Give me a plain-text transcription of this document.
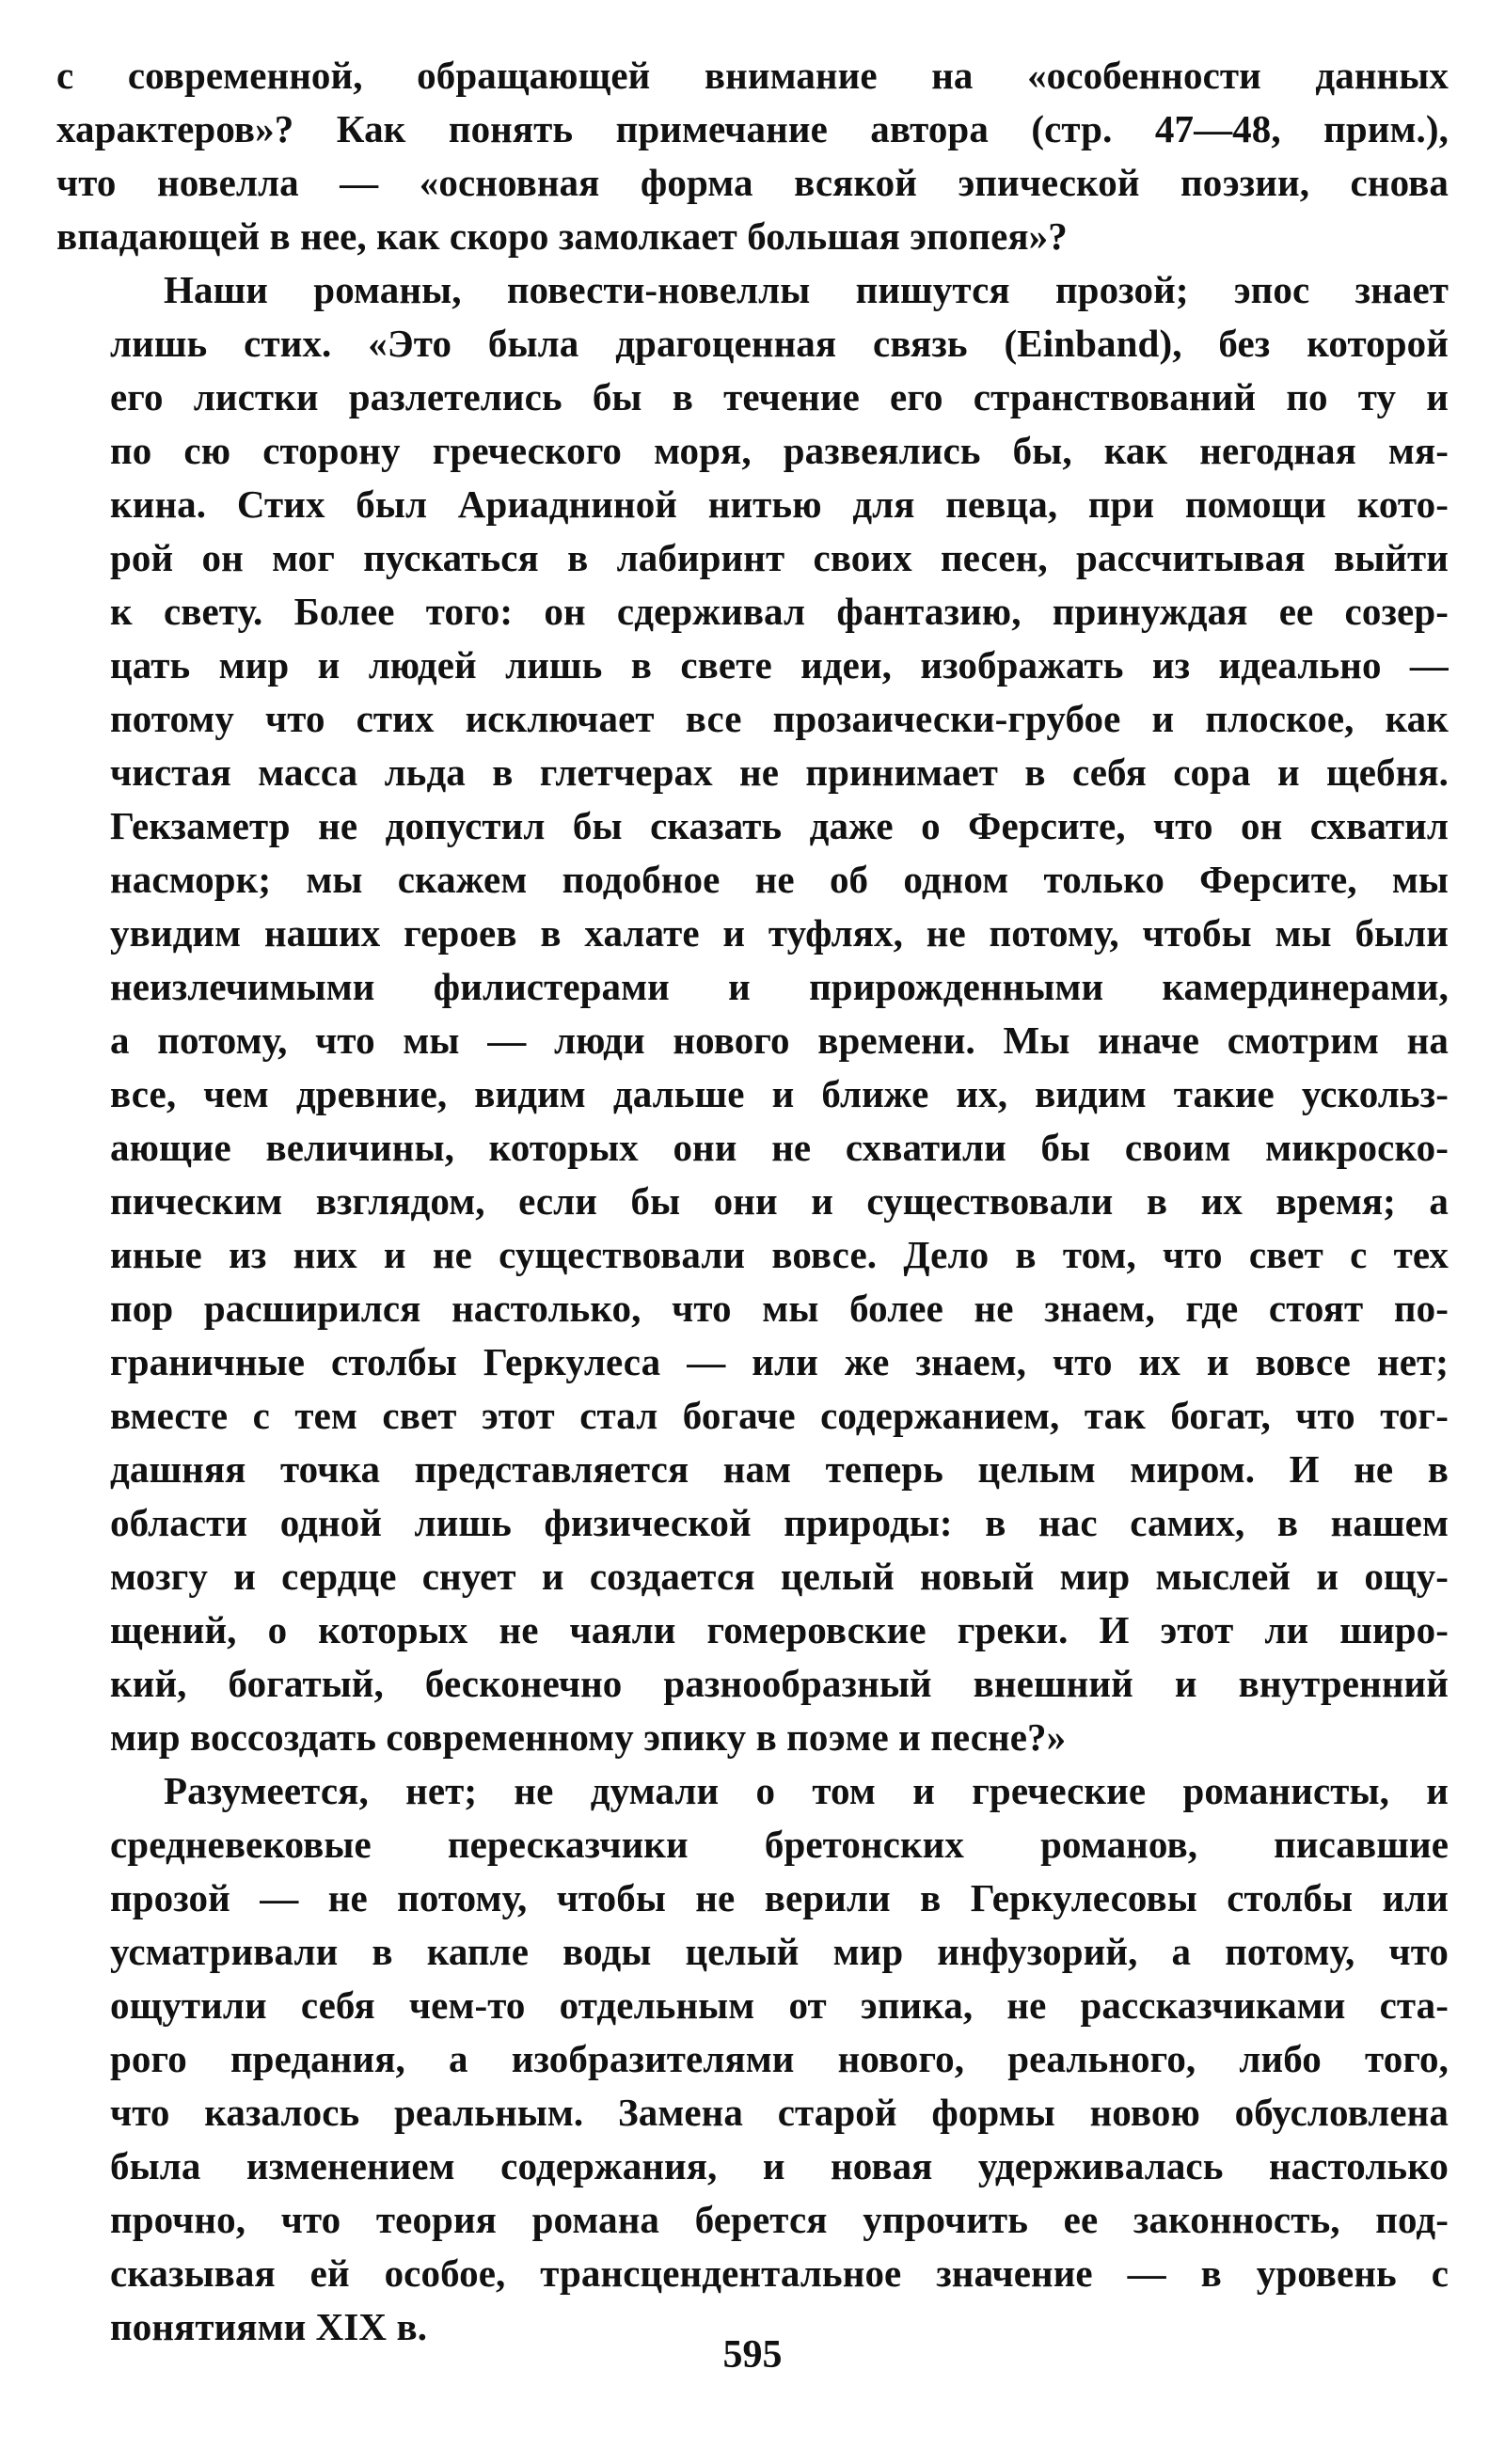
с современной, обращающей внимание на «особенности данных
характеров»? Как понять примечание автора (стр. 47—48, прим.),
что новелла — «основная форма всякой эпической поэзии, снова
впадающей в нее, как скоро замолкает большая эпопея»?

Наши романы, повести-новеллы пишутся прозой; эпос знает
лишь стих. «Это была драгоценная связь (Einband), без которой
его листки разлетелись бы в течение его странствований по ту и
по сю сторону греческого моря, развеялись бы, как негодная мя-
кина. Стих был Ариадниной нитью для певца, при помощи кото-
рой он мог пускаться в лабиринт своих песен, рассчитывая выйти
к свету. Более того: он сдерживал фантазию, принуждая ее созер-
цать мир и людей лишь в свете идеи, изображать из идеально —
потому что стих исключает все прозаически-грубое и плоское, как
чистая масса льда в глетчерах не принимает в себя сора и щебня.
Гекзаметр не допустил бы сказать даже о Ферсите, что он схватил
насморк; мы скажем подобное не об одном только Ферсите, мы
увидим наших героев в халате и туфлях, не потому, чтобы мы были
неизлечимыми филистерами и прирожденными камердинерами,
а потому, что мы — люди нового времени. Мы иначе смотрим на
все, чем древние, видим дальше и ближе их, видим такие ускольз-
ающие величины, которых они не схватили бы своим микроско-
пическим взглядом, если бы они и существовали в их время; а
иные из них и не существовали вовсе. Дело в том, что свет с тех
пор расширился настолько, что мы более не знаем, где стоят по-
граничные столбы Геркулеса — или же знаем, что их и вовсе нет;
вместе с тем свет этот стал богаче содержанием, так богат, что тог-
дашняя точка представляется нам теперь целым миром. И не в
области одной лишь физической природы: в нас самих, в нашем
мозгу и сердце снует и создается целый новый мир мыслей и ощу-
щений, о которых не чаяли гомеровские греки. И этот ли широ-
кий, богатый, бесконечно разнообразный внешний и внутренний
мир воссоздать современному эпику в поэме и песне?»

Разумеется, нет; не думали о том и греческие романисты, и
средневековые пересказчики бретонских романов, писавшие
прозой — не потому, чтобы не верили в Геркулесовы столбы или
усматривали в капле воды целый мир инфузорий, а потому, что
ощутили себя чем-то отдельным от эпика, не рассказчиками ста-
рого предания, а изобразителями нового, реального, либо того,
что казалось реальным. Замена старой формы новою обусловлена
была изменением содержания, и новая удерживалась настолько
прочно, что теория романа берется упрочить ее законность, под-
сказывая ей особое, трансцендентальное значение — в уровень с
понятиями XIX в.

595
